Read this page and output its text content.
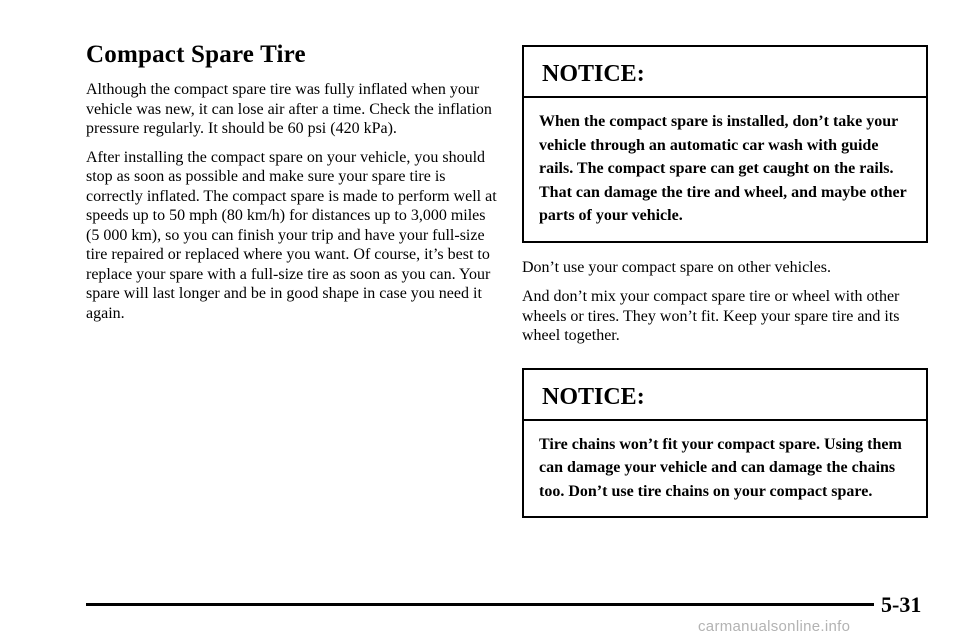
Compact Spare Tire

Although the compact spare tire was fully inflated when your vehicle was new, it can lose air after a time. Check the inflation pressure regularly. It should be 60 psi (420 kPa).

After installing the compact spare on your vehicle, you should stop as soon as possible and make sure your spare tire is correctly inflated. The compact spare is made to perform well at speeds up to 50 mph (80 km/h) for distances up to 3,000 miles (5 000 km), so you can finish your trip and have your full-size tire repaired or replaced where you want. Of course, it’s best to replace your spare with a full-size tire as soon as you can. Your spare will last longer and be in good shape in case you need it again.

NOTICE:
When the compact spare is installed, don’t take your vehicle through an automatic car wash with guide rails. The compact spare can get caught on the rails. That can damage the tire and wheel, and maybe other parts of your vehicle.

Don’t use your compact spare on other vehicles.

And don’t mix your compact spare tire or wheel with other wheels or tires. They won’t fit. Keep your spare tire and its wheel together.

NOTICE:
Tire chains won’t fit your compact spare. Using them can damage your vehicle and can damage the chains too. Don’t use tire chains on your compact spare.
5-31
carmanualsonline.info
